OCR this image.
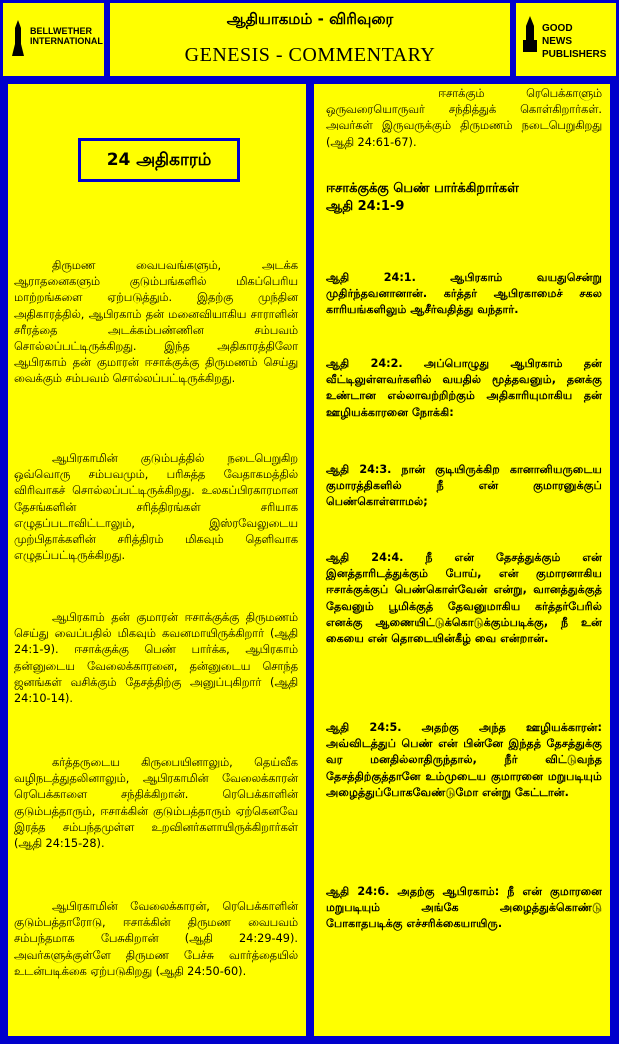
BELLWETHER INTERNATIONAL
ஆதியாகமம் - விரிவுரை
GENESIS - COMMENTARY
GOOD NEWS PUBLISHERS
24 அதிகாரம்
திருமண வைபவங்களும், அடக்க ஆராதனைகளும் குடும்பங்களில் மிகப்பெரிய மாற்றங்களை ஏற்படுத்தும். இதற்கு முந்தின அதிகாரத்தில், ஆபிரகாம் தன் மனைவியாகிய சாராளின் சரீரத்தை அடக்கம்பண்ணின சம்பவம் சொல்லப்பட்டிருக்கிறது. இந்த அதிகாரத்திலோ ஆபிரகாம் தன் குமாரன் ஈசாக்குக்கு திருமணம் செய்து வைக்கும் சம்பவம் சொல்லப்பட்டிருக்கிறது.
ஆபிரகாமின் குடும்பத்தில் நடைபெறுகிற ஒவ்வொரு சம்பவமும், பரிசுத்த வேதாகமத்தில் விரிவாகச் சொல்லப்பட்டிருக்கிறது. உலகப்பிரகாரமான தேசங்களின் சரித்திரங்கள் சரியாக எழுதப்படாவிட்டாலும், இஸ்ரவேலுடைய முற்பிதாக்களின் சரித்திரம் மிகவும் தெளிவாக எழுதப்பட்டிருக்கிறது.
ஆபிரகாம் தன் குமாரன் ஈசாக்குக்கு திருமணம் செய்து வைப்பதில் மிகவும் கவனமாயிருக்கிறார் (ஆதி 24:1-9). ஈசாக்குக்கு பெண் பார்க்க, ஆபிரகாம் தன்னுடைய வேலைக்காரனை, தன்னுடைய சொந்த ஜனங்கள் வசிக்கும் தேசத்திற்கு அனுப்புகிறார் (ஆதி 24:10-14).
கர்த்தருடைய கிருபையினாலும், தெய்வீக வழிநடத்துதலினாலும், ஆபிரகாமின் வேலைக்காரன் ரெபெக்காளை சந்திக்கிறான். ரெபெக்காளின் குடும்பத்தாரும், ஈசாக்கின் குடும்பத்தாரும் ஏற்கெனவே இரத்த சம்பந்தமுள்ள உறவினர்களாயிருக்கிறார்கள் (ஆதி 24:15-28).
ஆபிரகாமின் வேலைக்காரன், ரெபெக்காளின் குடும்பத்தாரோடு, ஈசாக்கின் திருமண வைபவம் சம்பந்தமாக பேசுகிறான் (ஆதி 24:29-49). அவர்களுக்குள்ளே திருமண பேச்சு வார்த்தையில் உடன்படிக்கை ஏற்படுகிறது (ஆதி 24:50-60).
ஈசாக்கும் ரெபெக்காளும் ஒருவரையொருவர் சந்தித்துக் கொள்கிறார்கள். அவர்கள் இருவருக்கும் திருமணம் நடைபெறுகிறது (ஆதி 24:61-67).
ஈசாக்குக்கு பெண் பார்க்கிறார்கள்
ஆதி 24:1-9
ஆதி 24:1. ஆபிரகாம் வயதுசென்று முதிர்ந்தவனானான். கர்த்தர் ஆபிரகாமைச் சகல காரியங்களிலும் ஆசீர்வதித்து வந்தார்.
ஆதி 24:2. அப்பொழுது ஆபிரகாம் தன் வீட்டிலுள்ளவர்களில் வயதில் மூத்தவனும், தனக்கு உண்டான எல்லாவற்றிற்கும் அதிகாரியுமாகிய தன் ஊழியக்காரனை நோக்கி:
ஆதி 24:3. நான் குடியிருக்கிற கானானியருடைய குமாரத்திகளில் நீ என் குமாரனுக்குப் பெண்கொள்ளாமல்;
ஆதி 24:4. நீ என் தேசத்துக்கும் என் இனத்தாரிடத்துக்கும் போய், என் குமாரனாகிய ஈசாக்குக்குப் பெண்கொள்வேன் என்று, வானத்துக்குத் தேவனும் பூமிக்குத் தேவனுமாகிய கர்த்தர்பேரில் எனக்கு ஆணையிட்டுக்கொடுக்கும்படிக்கு, நீ உன் கையை என் தொடையின்கீழ் வை என்றான்.
ஆதி 24:5. அதற்கு அந்த ஊழியக்காரன்: அவ்விடத்துப் பெண் என் பின்னே இந்தத் தேசத்துக்கு வர மனதில்லாதிருந்தால், நீர் விட்டுவந்த தேசத்திற்குத்தானே உம்முடைய குமாரனை மறுபடியும் அழைத்துப்போகவேண்டுமோ என்று கேட்டான்.
ஆதி 24:6. அதற்கு ஆபிரகாம்: நீ என் குமாரனை மறுபடியும் அங்கே அழைத்துக்கொண்டு போகாதபடிக்கு எச்சரிக்கையாயிரு.
